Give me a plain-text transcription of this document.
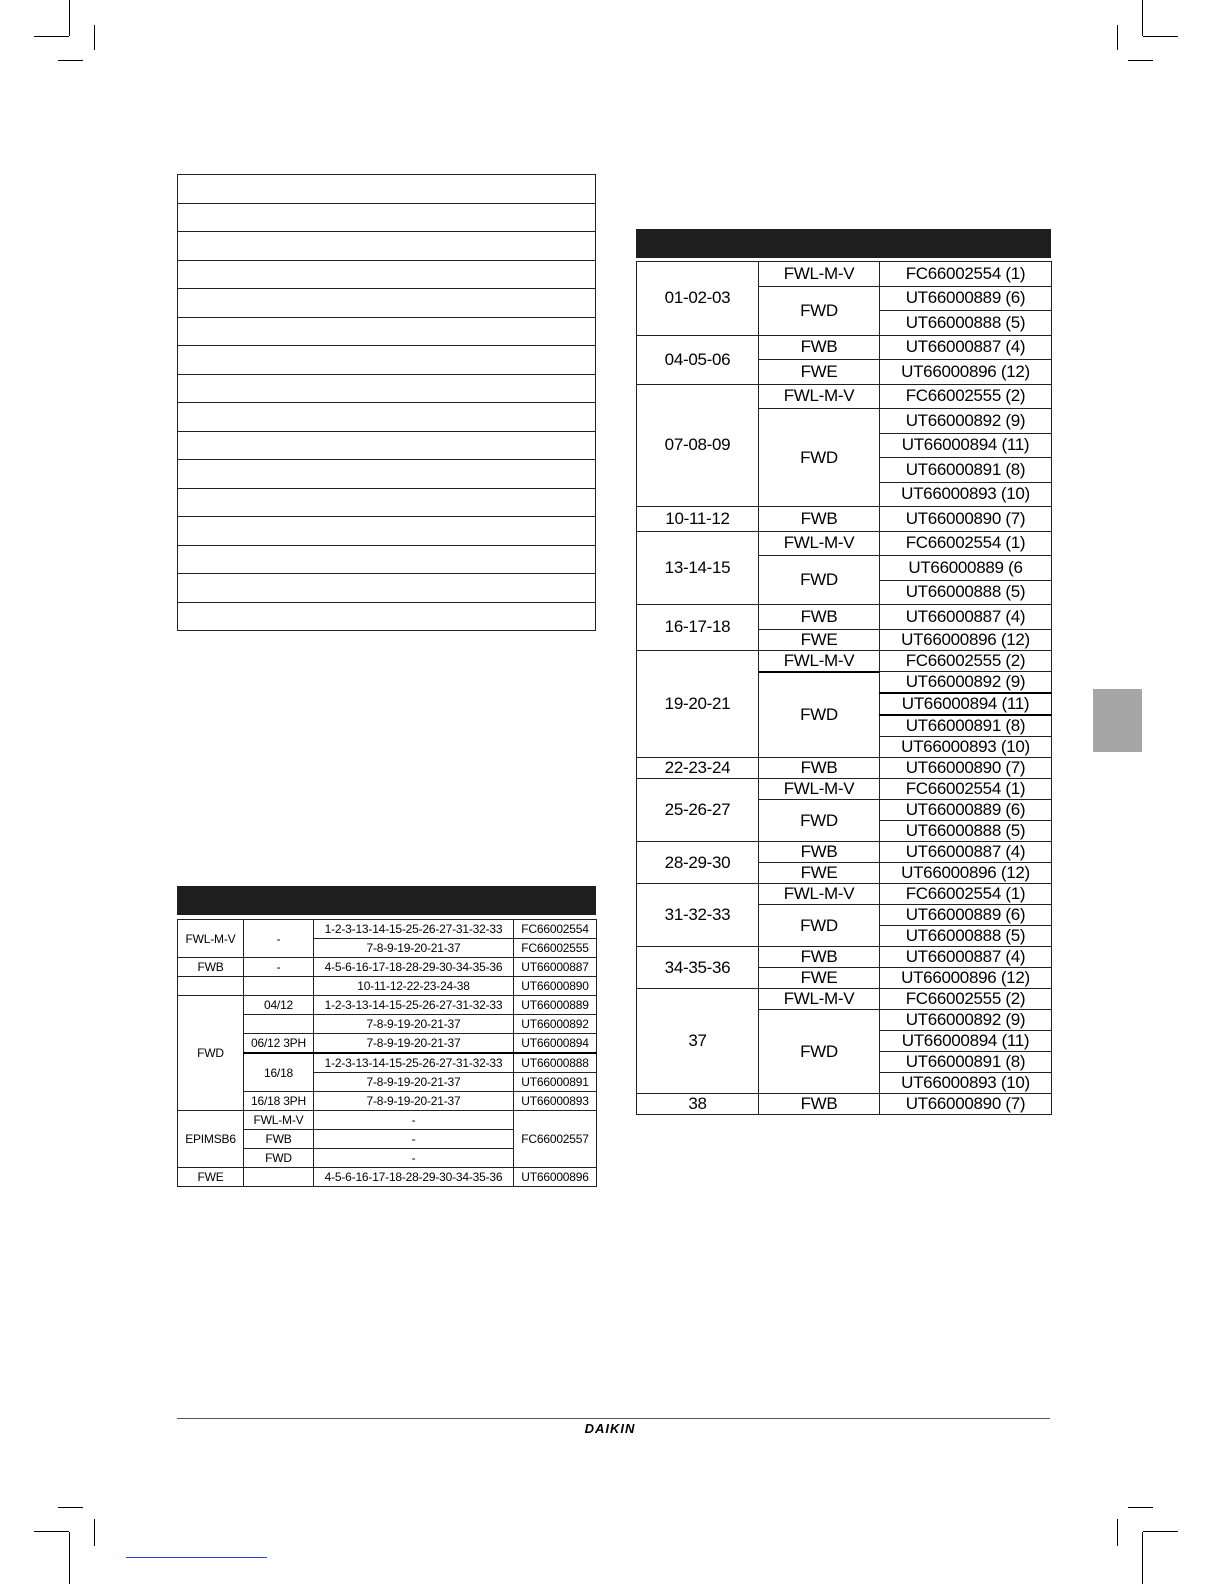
FWL-M-V	-	1-2-3-13-14-15-25-26-27-31-32-33	FC66002554
		7-8-9-19-20-21-37	FC66002555
FWB	-	4-5-6-16-17-18-28-29-30-34-35-36	UT66000887
		10-11-12-22-23-24-38	UT66000890
FWD	04/12	1-2-3-13-14-15-25-26-27-31-32-33	UT66000889
		7-8-9-19-20-21-37	UT66000892
	06/12 3PH	7-8-9-19-20-21-37	UT66000894
	16/18	1-2-3-13-14-15-25-26-27-31-32-33	UT66000888
		7-8-9-19-20-21-37	UT66000891
	16/18 3PH	7-8-9-19-20-21-37	UT66000893
EPIMSB6	FWL-M-V	-	FC66002557
	FWB	-	
	FWD	-	
FWE		4-5-6-16-17-18-28-29-30-34-35-36	UT66000896
01-02-03	FWL-M-V	FC66002554 (1)
	FWD	UT66000889 (6)
		UT66000888 (5)
04-05-06	FWB	UT66000887 (4)
	FWE	UT66000896 (12)
07-08-09	FWL-M-V	FC66002555 (2)
	FWD	UT66000892 (9)
		UT66000894 (11)
		UT66000891 (8)
		UT66000893 (10)
10-11-12	FWB	UT66000890 (7)
13-14-15	FWL-M-V	FC66002554 (1)
	FWD	UT66000889 (6
		UT66000888 (5)
16-17-18	FWB	UT66000887 (4)
	FWE	UT66000896 (12)
19-20-21	FWL-M-V	FC66002555 (2)
	FWD	UT66000892 (9)
		UT66000894 (11)
		UT66000891 (8)
		UT66000893 (10)
22-23-24	FWB	UT66000890 (7)
25-26-27	FWL-M-V	FC66002554 (1)
	FWD	UT66000889 (6)
		UT66000888 (5)
28-29-30	FWB	UT66000887 (4)
	FWE	UT66000896 (12)
31-32-33	FWL-M-V	FC66002554 (1)
	FWD	UT66000889 (6)
		UT66000888 (5)
34-35-36	FWB	UT66000887 (4)
	FWE	UT66000896 (12)
37	FWL-M-V	FC66002555 (2)
	FWD	UT66000892 (9)
		UT66000894 (11)
		UT66000891 (8)
		UT66000893 (10)
38	FWB	UT66000890 (7)
DAIKIN
